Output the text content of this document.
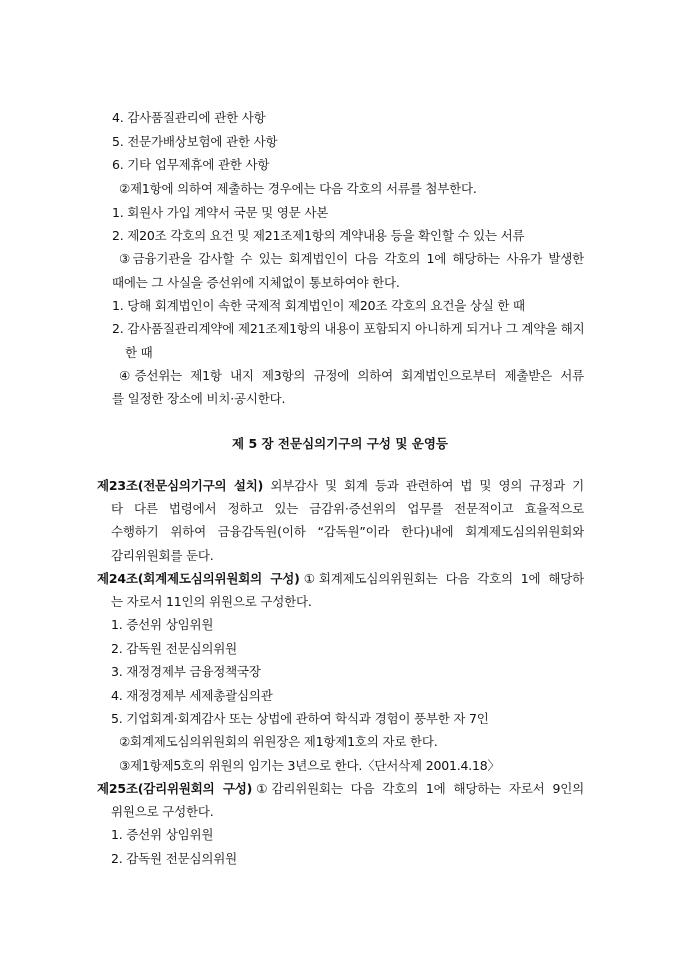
4. 감사품질관리에 관한 사항
5. 전문가배상보험에 관한 사항
6. 기타 업무제휴에 관한 사항
②제1항에 의하여 제출하는 경우에는 다음 각호의 서류를 첨부한다.
1. 회원사 가입 계약서 국문 및 영문 사본
2. 제20조 각호의 요건 및 제21조제1항의 계약내용 등을 확인할 수 있는 서류
③금융기관을 감사할 수 있는 회계법인이 다음 각호의 1에 해당하는 사유가 발생한
때에는 그 사실을 증선위에 지체없이 통보하여야 한다.
1. 당해 회계법인이 속한 국제적 회계법인이 제20조 각호의 요건을 상실 한 때
2. 감사품질관리계약에 제21조제1항의 내용이 포함되지 아니하게 되거나 그 계약을 해지
한 때
④증선위는 제1항 내지 제3항의 규정에 의하여 회계법인으로부터 제출받은 서류
를 일정한 장소에 비치·공시한다.
제 5 장 전문심의기구의 구성 및 운영등
제23조(전문심의기구의 설치) 외부감사 및 회계 등과 관련하여 법 및 영의 규정과 기
타 다른 법령에서 정하고 있는 금감위·증선위의 업무를 전문적이고 효율적으로
수행하기 위하여 금융감독원(이하 “감독원”이라 한다)내에 회계제도심의위원회와
감리위원회를 둔다.
제24조(회계제도심의위원회의 구성)①회계제도심의위원회는 다음 각호의 1에 해당하
는 자로서 11인의 위원으로 구성한다.
1. 증선위 상임위원
2. 감독원 전문심의위원
3. 재정경제부 금융정책국장
4. 재정경제부 세제총괄심의관
5. 기업회계·회계감사 또는 상법에 관하여 학식과 경험이 풍부한 자 7인
②회계제도심의위원회의 위원장은 제1항제1호의 자로 한다.
③제1항제5호의 위원의 임기는 3년으로 한다.〈단서삭제 2001.4.18〉
제25조(감리위원회의 구성)①감리위원회는 다음 각호의 1에 해당하는 자로서 9인의
위원으로 구성한다.
1. 증선위 상임위원
2. 감독원 전문심의위원
